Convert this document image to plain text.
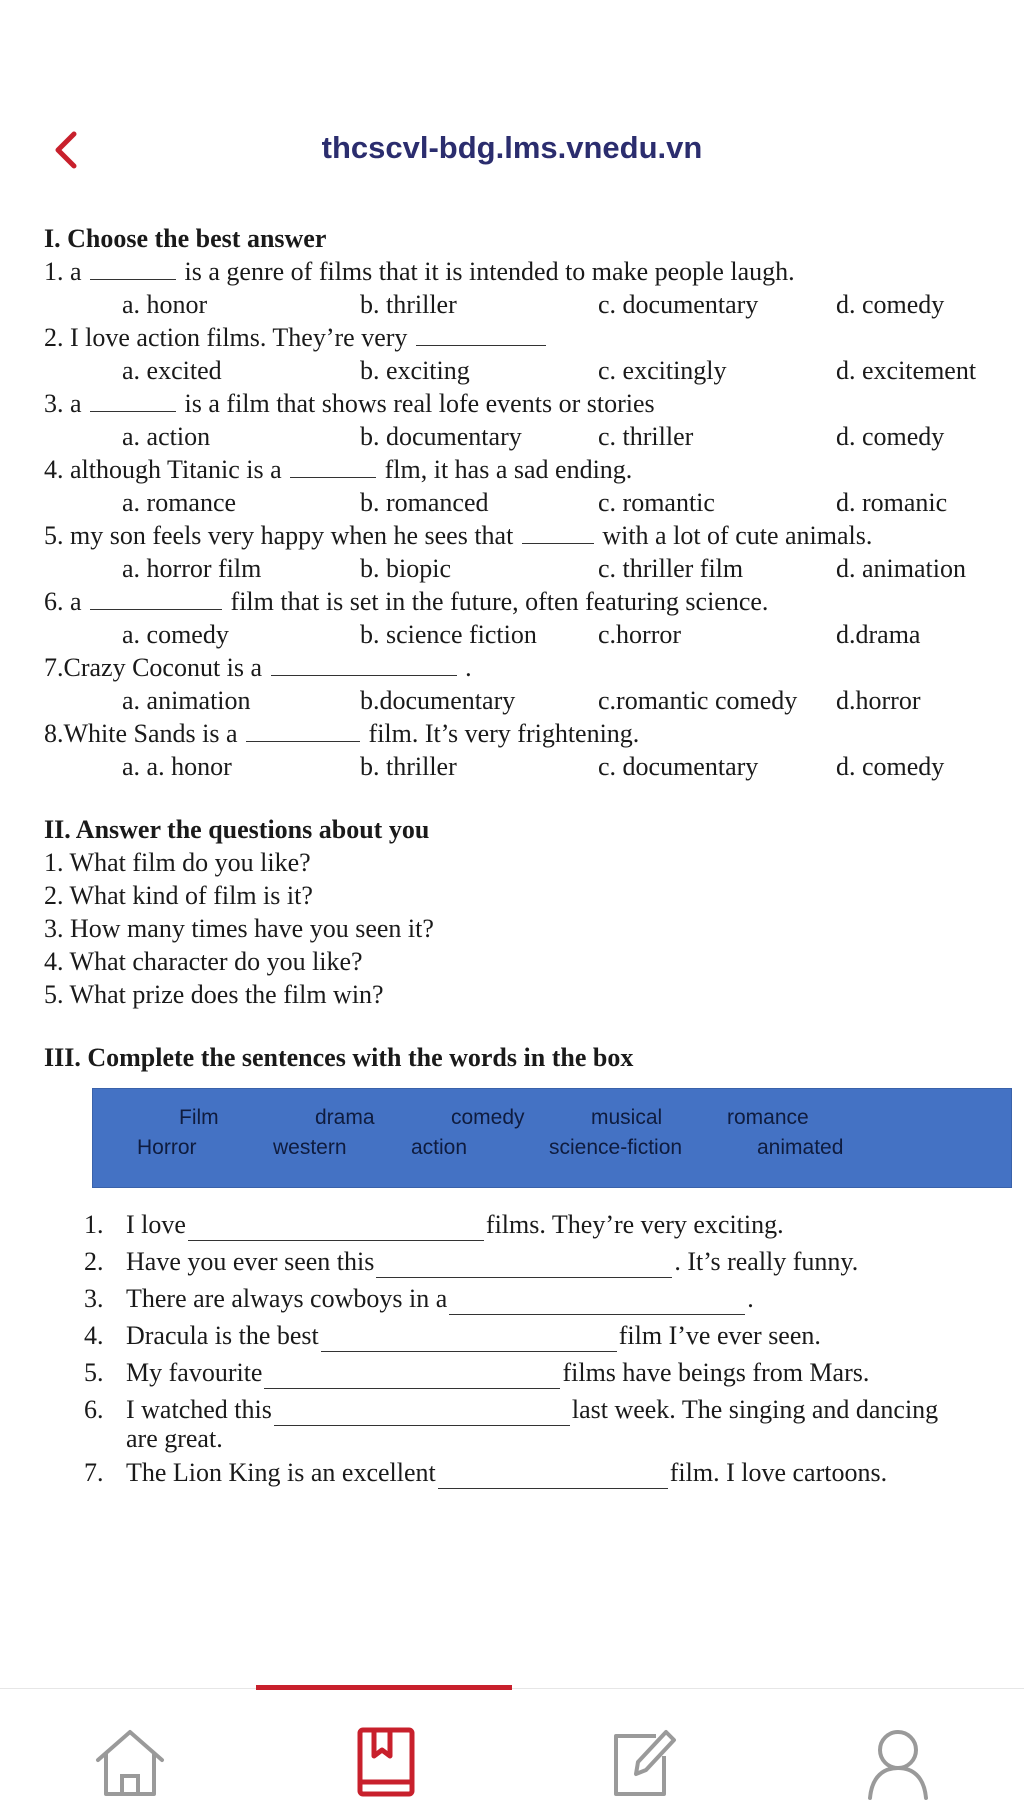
thcscvl-bdg.lms.vnedu.vn
I. Choose the best answer
1. a	is a genre of films that it is intended to make people laugh.
a. honor	b. thriller	c. documentary	d. comedy
2. I love action films. They’re very
a. excited	b. exciting	c. excitingly	d. excitement
3. a	is a film that shows real lofe events or stories
a. action	b. documentary	c. thriller	d. comedy
4. although Titanic is a	flm, it has a sad ending.
a. romance	b. romanced	c. romantic	d. romanic
5. my son feels very happy when he sees that	with a lot of cute animals.
a. horror film	b. biopic	c. thriller film	d. animation
6. a	film that is set in the future, often featuring science.
a. comedy	b. science fiction	c.horror	d.drama
7.Crazy Coconut is a	.
a. animation	b.documentary	c.romantic comedy	d.horror
8.White Sands is a	film. It’s very frightening.
a. a. honor	b. thriller	c. documentary	d. comedy
II. Answer the questions about you
1. What film do you like?
2. What kind of film is it?
3. How many times have you seen it?
4. What character do you like?
5. What prize does the film win?
III. Complete the sentences with the words in the box
Film	drama	comedy	musical	romance
Horror	western	action	science-fiction	animated
1. I love	films. They’re very exciting.
2. Have you ever seen this	. It’s really funny.
3. There are always cowboys in a	.
4. Dracula is the best	film I’ve ever seen.
5. My favourite	films have beings from Mars.
6. I watched this	last week. The singing and dancing
are great.
7. The Lion King is an excellent	film. I love cartoons.
